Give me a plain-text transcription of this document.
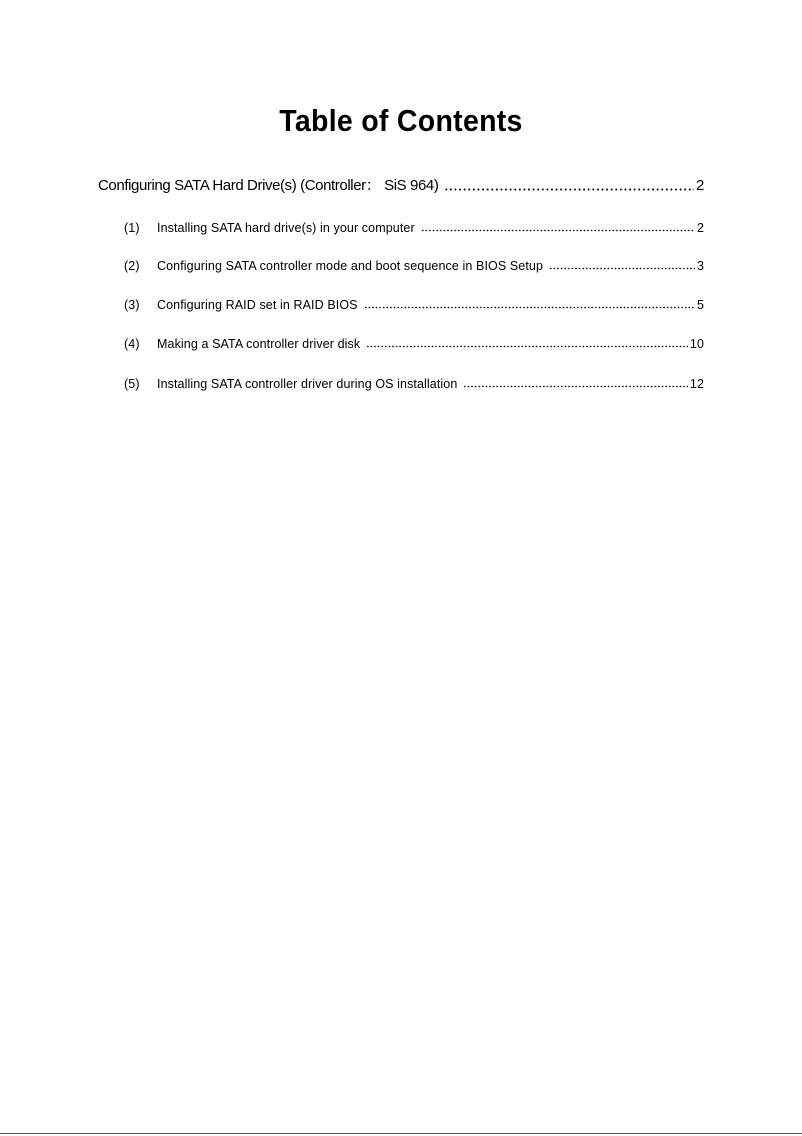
Table of Contents
Configuring SATA Hard Drive(s) (Controller： SiS 964)	2
(1)	Installing SATA hard drive(s) in your computer	2
(2)	Configuring SATA controller mode and boot sequence in BIOS Setup	3
(3)	Configuring RAID set in RAID BIOS	5
(4)	Making a SATA controller driver disk	10
(5)	Installing SATA controller driver during OS installation	12
